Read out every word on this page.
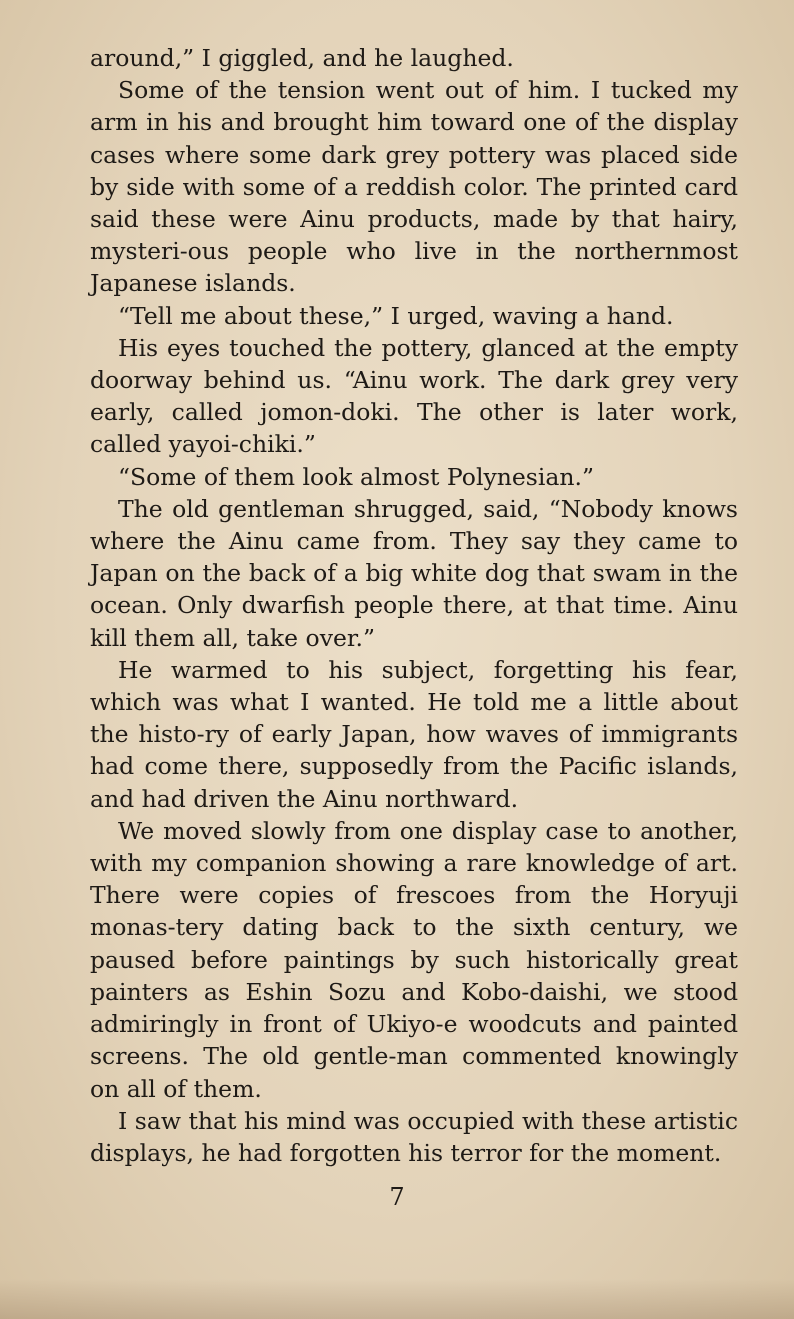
around,” I giggled, and he laughed.

Some of the tension went out of him. I tucked my arm in his and brought him toward one of the display cases where some dark grey pottery was placed side by side with some of a reddish color. The printed card said these were Ainu products, made by that hairy, mysteri-ous people who live in the northernmost Japanese islands.

“Tell me about these,” I urged, waving a hand.

His eyes touched the pottery, glanced at the empty doorway behind us. “Ainu work. The dark grey very early, called jomon-doki. The other is later work, called yayoi-chiki.”

“Some of them look almost Polynesian.”

The old gentleman shrugged, said, “Nobody knows where the Ainu came from. They say they came to Japan on the back of a big white dog that swam in the ocean. Only dwarfish people there, at that time. Ainu kill them all, take over.”

He warmed to his subject, forgetting his fear, which was what I wanted. He told me a little about the histo-ry of early Japan, how waves of immigrants had come there, supposedly from the Pacific islands, and had driven the Ainu northward.

We moved slowly from one display case to another, with my companion showing a rare knowledge of art. There were copies of frescoes from the Horyuji monas-tery dating back to the sixth century, we paused before paintings by such historically great painters as Eshin Sozu and Kobo-daishi, we stood admiringly in front of Ukiyo-e woodcuts and painted screens. The old gentle-man commented knowingly on all of them.

I saw that his mind was occupied with these artistic displays, he had forgotten his terror for the moment.

7
